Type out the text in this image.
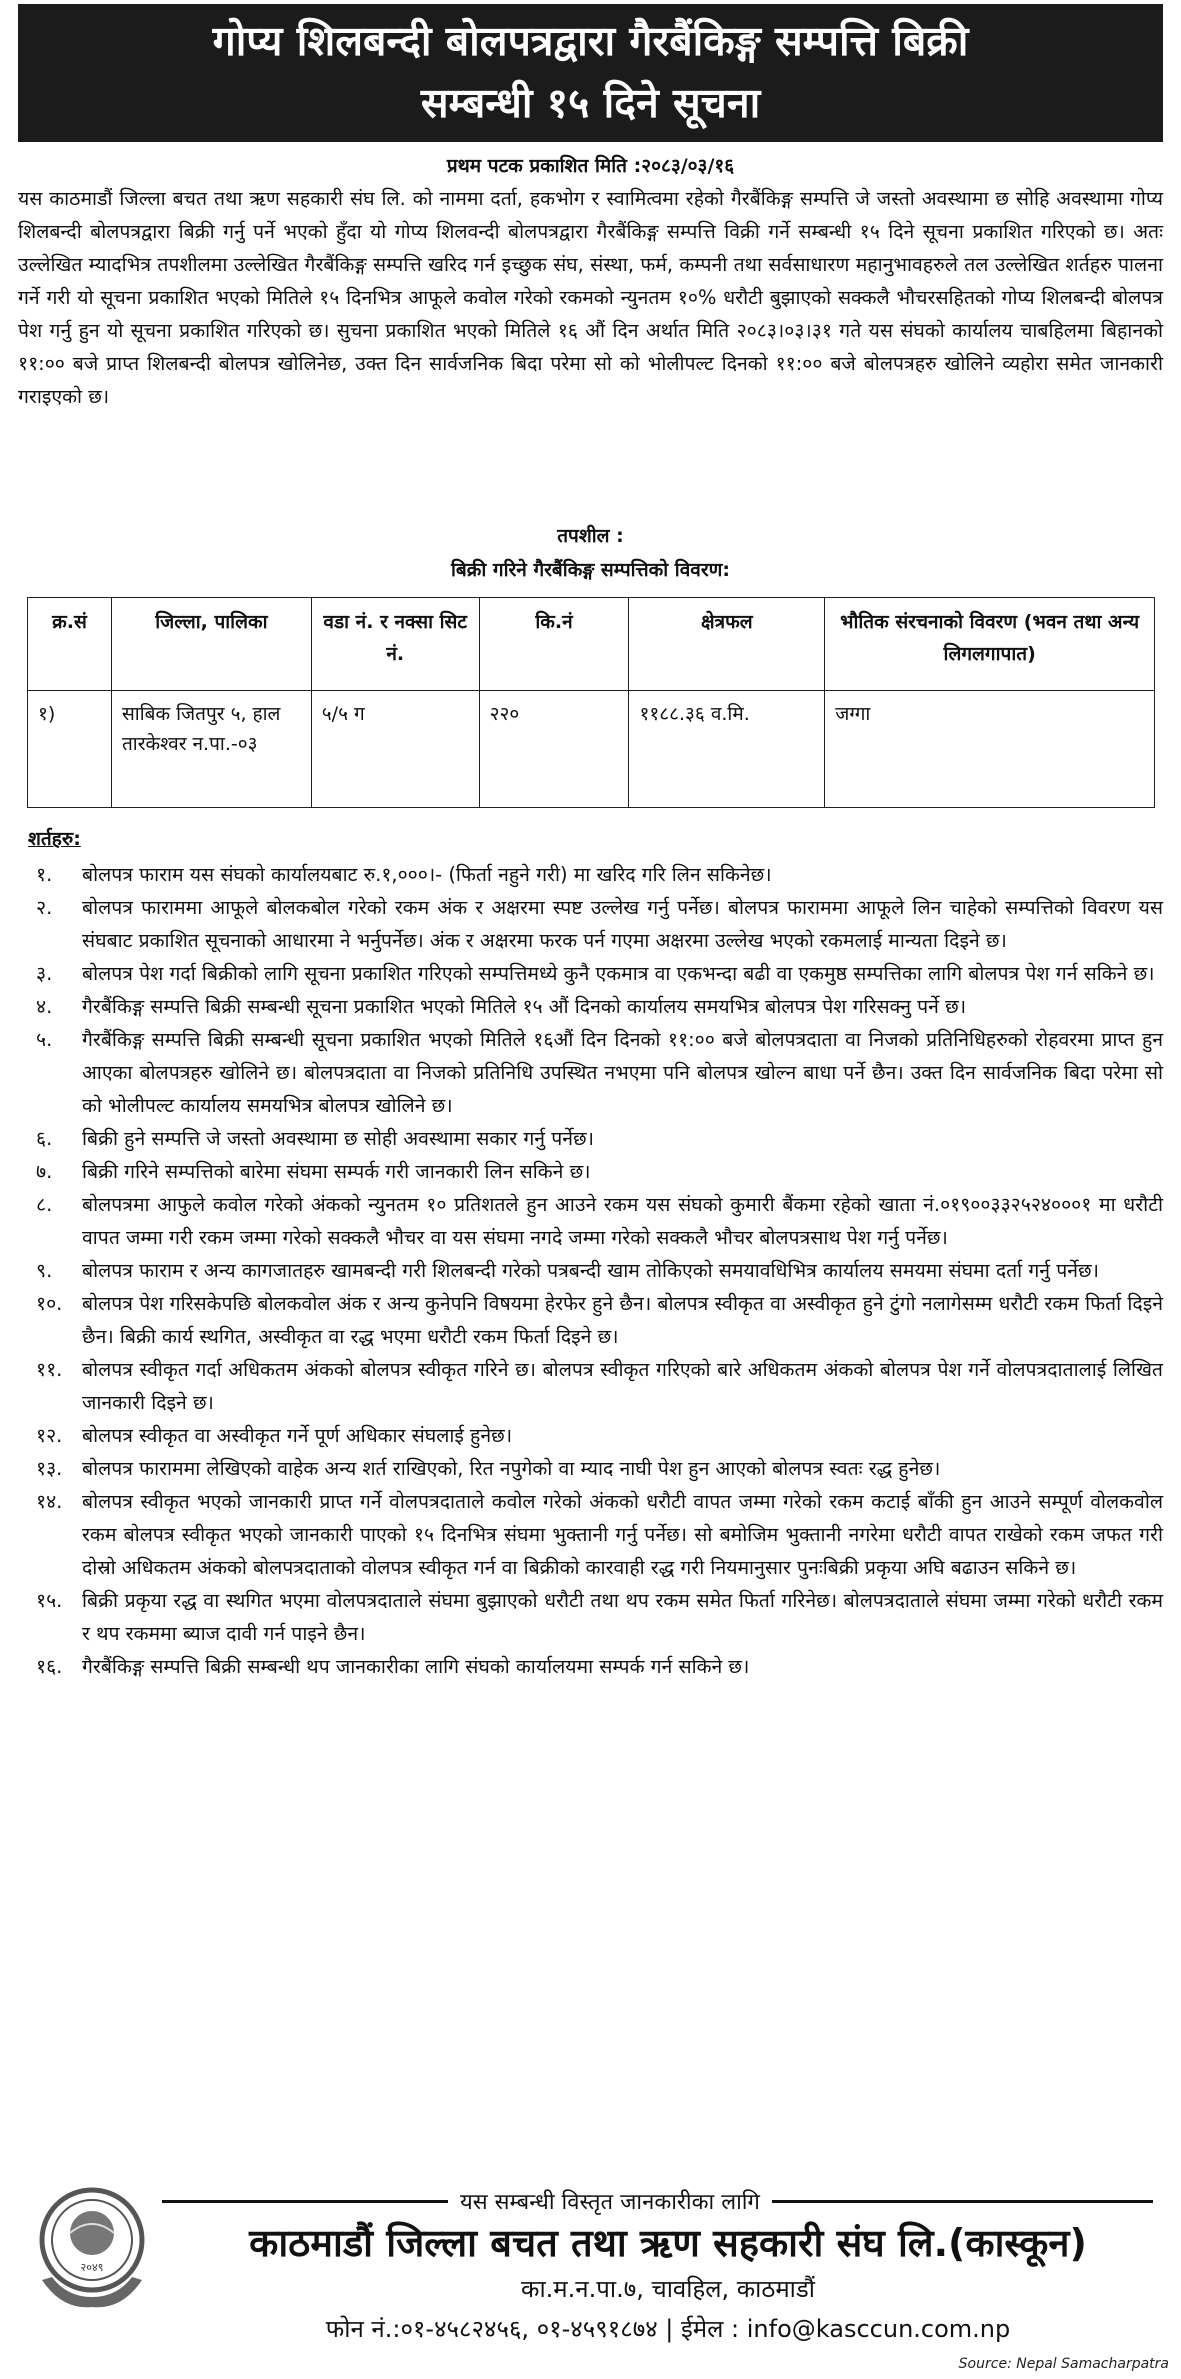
गोप्य शिलबन्दी बोलपत्रद्वारा गैरबैंकिङ्ग सम्पत्ति बिक्री
सम्बन्धी १५ दिने सूचना
प्रथम पटक प्रकाशित मिति :२०८३/०३/१६
यस काठमाडौं जिल्ला बचत तथा ऋण सहकारी संघ लि. को नाममा दर्ता, हकभोग र स्वामित्वमा रहेको गैरबैंकिङ्ग सम्पत्ति जे जस्तो अवस्थामा छ सोहि अवस्थामा गोप्य शिलबन्दी बोलपत्रद्वारा बिक्री गर्नु पर्ने भएको हुँदा यो गोप्य शिलवन्दी बोलपत्रद्वारा गैरबैंकिङ्ग सम्पत्ति विक्री गर्ने सम्बन्धी १५ दिने सूचना प्रकाशित गरिएको छ। अतः उल्लेखित म्यादभित्र तपशीलमा उल्लेखित गैरबैंकिङ्ग सम्पत्ति खरिद गर्न इच्छुक संघ, संस्था, फर्म, कम्पनी तथा सर्वसाधारण महानुभावहरुले तल उल्लेखित शर्तहरु पालना गर्ने गरी यो सूचना प्रकाशित भएको मितिले १५ दिनभित्र आफूले कवोल गरेको रकमको न्युनतम १०% धरौटी बुझाएको सक्कलै भौचरसहितको गोप्य शिलबन्दी बोलपत्र पेश गर्नु हुन यो सूचना प्रकाशित गरिएको छ। सुचना प्रकाशित भएको मितिले १६ औं दिन अर्थात मिति २०८३।०३।३१ गते यस संघको कार्यालय चाबहिलमा बिहानको ११:०० बजे प्राप्त शिलबन्दी बोलपत्र खोलिनेछ, उक्त दिन सार्वजनिक बिदा परेमा सो को भोलीपल्ट दिनको ११:०० बजे बोलपत्रहरु खोलिने व्यहोरा समेत जानकारी गराइएको छ।
तपशील :
बिक्री गरिने गैरबैंकिङ्ग सम्पत्तिको विवरण:
क्र.सं	जिल्ला, पालिका	वडा नं. र नक्सा सिट नं.	कि.नं	क्षेत्रफल	भौतिक संरचनाको विवरण (भवन तथा अन्य लिगलगापात)
१)	साबिक जितपुर ५, हाल तारकेश्वर न.पा.-०३	५/५ ग	२२०	११८८.३६ व.मि.	जग्गा
शर्तहरु:
१.	बोलपत्र फाराम यस संघको कार्यालयबाट रु.१,०००।- (फिर्ता नहुने गरी) मा खरिद गरि लिन सकिनेछ।
२.	बोलपत्र फाराममा आफूले बोलकबोल गरेको रकम अंक र अक्षरमा स्पष्ट उल्लेख गर्नु पर्नेछ। बोलपत्र फाराममा आफूले लिन चाहेको सम्पत्तिको विवरण यस संघबाट प्रकाशित सूचनाको आधारमा ने भर्नुपर्नेछ। अंक र अक्षरमा फरक पर्न गएमा अक्षरमा उल्लेख भएको रकमलाई मान्यता दिइने छ।
३.	बोलपत्र पेश गर्दा बिक्रीको लागि सूचना प्रकाशित गरिएको सम्पत्तिमध्ये कुनै एकमात्र वा एकभन्दा बढी वा एकमुष्ठ सम्पत्तिका लागि बोलपत्र पेश गर्न सकिने छ।
४.	गैरबैंकिङ्ग सम्पत्ति बिक्री सम्बन्धी सूचना प्रकाशित भएको मितिले १५ औं दिनको कार्यालय समयभित्र बोलपत्र पेश गरिसक्नु पर्ने छ।
५.	गैरबैंकिङ्ग सम्पत्ति बिक्री सम्बन्धी सूचना प्रकाशित भएको मितिले १६औं दिन दिनको ११:०० बजे बोलपत्रदाता वा निजको प्रतिनिधिहरुको रोहवरमा प्राप्त हुन आएका बोलपत्रहरु खोलिने छ। बोलपत्रदाता वा निजको प्रतिनिधि उपस्थित नभएमा पनि बोलपत्र खोल्न बाधा पर्ने छैन। उक्त दिन सार्वजनिक बिदा परेमा सो को भोलीपल्ट कार्यालय समयभित्र बोलपत्र खोलिने छ।
६.	बिक्री हुने सम्पत्ति जे जस्तो अवस्थामा छ सोही अवस्थामा सकार गर्नु पर्नेछ।
७.	बिक्री गरिने सम्पत्तिको बारेमा संघमा सम्पर्क गरी जानकारी लिन सकिने छ।
८.	बोलपत्रमा आफुले कवोल गरेको अंकको न्युनतम १० प्रतिशतले हुन आउने रकम यस संघको कुमारी बैंकमा रहेको खाता नं.०१९००३३२५२४०००१ मा धरौटी वापत जम्मा गरी रकम जम्मा गरेको सक्कलै भौचर वा यस संघमा नगदे जम्मा गरेको सक्कलै भौचर बोलपत्रसाथ पेश गर्नु पर्नेछ।
९.	बोलपत्र फाराम र अन्य कागजातहरु खामबन्दी गरी शिलबन्दी गरेको पत्रबन्दी खाम तोकिएको समयावधिभित्र कार्यालय समयमा संघमा दर्ता गर्नु पर्नेछ।
१०.	बोलपत्र पेश गरिसकेपछि बोलकवोल अंक र अन्य कुनेपनि विषयमा हेरफेर हुने छैन। बोलपत्र स्वीकृत वा अस्वीकृत हुने टुंगो नलागेसम्म धरौटी रकम फिर्ता दिइने छैन। बिक्री कार्य स्थगित, अस्वीकृत वा रद्ध भएमा धरौटी रकम फिर्ता दिइने छ।
११.	बोलपत्र स्वीकृत गर्दा अधिकतम अंकको बोलपत्र स्वीकृत गरिने छ। बोलपत्र स्वीकृत गरिएको बारे अधिकतम अंकको बोलपत्र पेश गर्ने वोलपत्रदातालाई लिखित जानकारी दिइने छ।
१२.	बोलपत्र स्वीकृत वा अस्वीकृत गर्ने पूर्ण अधिकार संघलाई हुनेछ।
१३.	बोलपत्र फाराममा लेखिएको वाहेक अन्य शर्त राखिएको, रित नपुगेको वा म्याद नाघी पेश हुन आएको बोलपत्र स्वतः रद्ध हुनेछ।
१४.	बोलपत्र स्वीकृत भएको जानकारी प्राप्त गर्ने वोलपत्रदाताले कवोल गरेको अंकको धरौटी वापत जम्मा गरेको रकम कटाई बाँकी हुन आउने सम्पूर्ण वोलकवोल रकम बोलपत्र स्वीकृत भएको जानकारी पाएको १५ दिनभित्र संघमा भुक्तानी गर्नु पर्नेछ। सो बमोजिम भुक्तानी नगरेमा धरौटी वापत राखेको रकम जफत गरी दोस्रो अधिकतम अंकको बोलपत्रदाताको वोलपत्र स्वीकृत गर्न वा बिक्रीको कारवाही रद्ध गरी नियमानुसार पुनःबिक्री प्रकृया अघि बढाउन सकिने छ।
१५.	बिक्री प्रकृया रद्ध वा स्थगित भएमा वोलपत्रदाताले संघमा बुझाएको धरौटी तथा थप रकम समेत फिर्ता गरिनेछ। बोलपत्रदाताले संघमा जम्मा गरेको धरौटी रकम र थप रकममा ब्याज दावी गर्न पाइने छैन।
१६.	गैरबैंकिङ्ग सम्पत्ति बिक्री सम्बन्धी थप जानकारीका लागि संघको कार्यालयमा सम्पर्क गर्न सकिने छ।
यस सम्बन्धी विस्तृत जानकारीका लागि
२०४९
काठमाडौं जिल्ला बचत तथा ऋण सहकारी संघ लि.(कास्कून)
का.म.न.पा.७, चावहिल, काठमाडौं
फोन नं.:०१-४५८२४५६, ०१-४५९१८७४ | ईमेल : info@kasccun.com.np
Source: Nepal Samacharpatra
